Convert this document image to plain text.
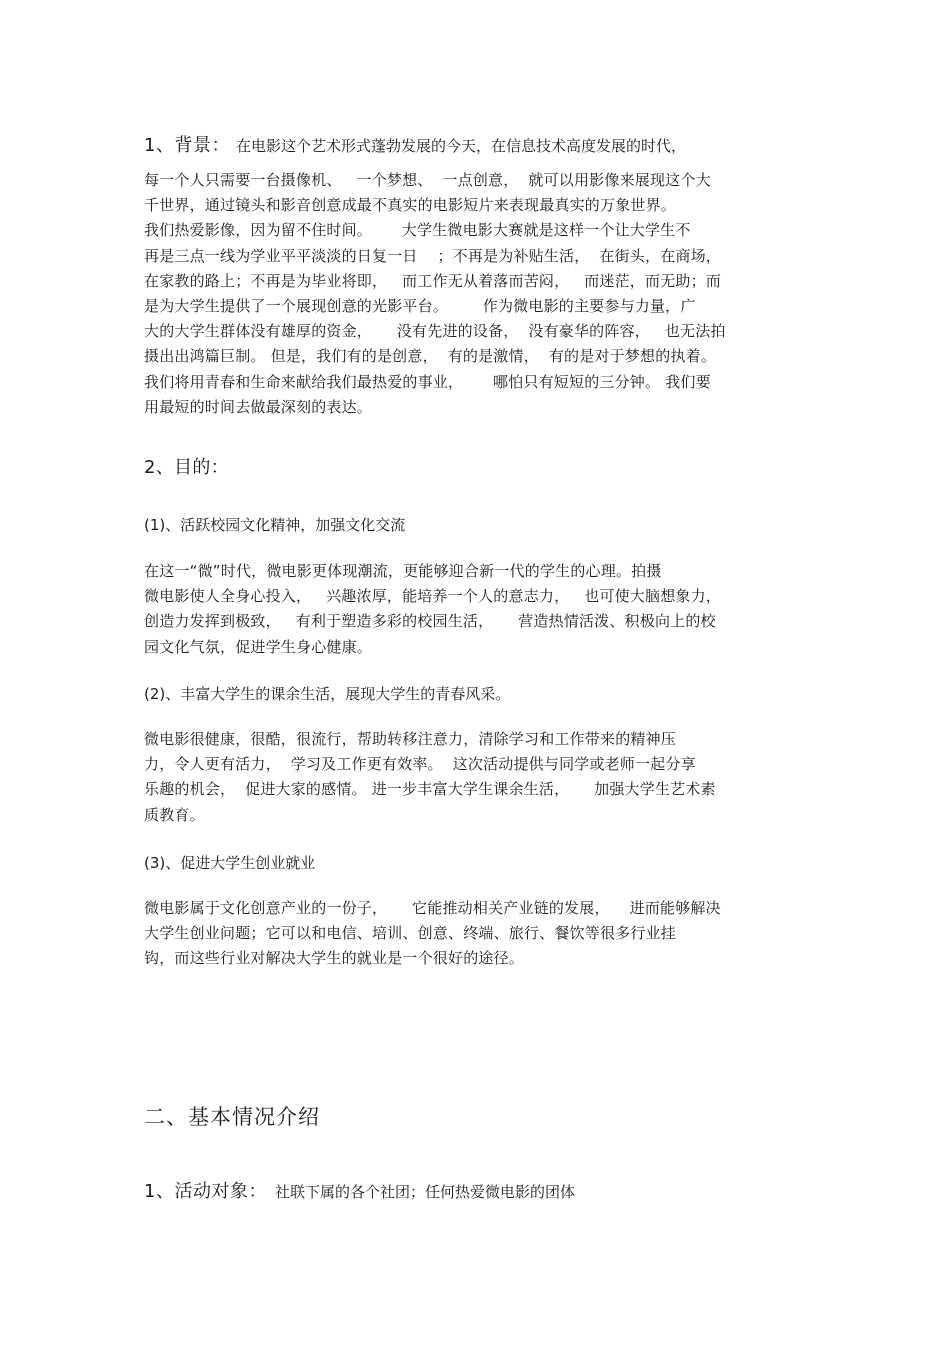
1、背景： 在电影这个艺术形式蓬勃发展的今天，在信息技术高度发展的时代，
每一个人只需要一台摄像机、   一个梦想、  一点创意，  就可以用影像来展现这个大
千世界，通过镜头和影音创意成最不真实的电影短片来表现最真实的万象世界。
我们热爱影像，因为留不住时间。      大学生微电影大赛就是这样一个让大学生不
再是三点一线为学业平平淡淡的日复一日    ；不再是为补贴生活，  在街头，在商场，
在家教的路上；不再是为毕业将即，   而工作无从着落而苦闷，   而迷茫，而无助；而
是为大学生提供了一个展现创意的光影平台。       作为微电影的主要参与力量，广
大的大学生群体没有雄厚的资金，     没有先进的设备，  没有豪华的阵容，   也无法拍
摄出出鸿篇巨制。 但是，我们有的是创意，  有的是激情，  有的是对于梦想的执着。
我们将用青春和生命来献给我们最热爱的事业，      哪怕只有短短的三分钟。 我们要
用最短的时间去做最深刻的表达。
2、目的：
(1)、活跃校园文化精神，加强文化交流
在这一“微”时代，微电影更体现潮流，更能够迎合新一代的学生的心理。拍摄
微电影使人全身心投入，   兴趣浓厚，能培养一个人的意志力，   也可使大脑想象力，
创造力发挥到极致，   有利于塑造多彩的校园生活，     营造热情活泼、积极向上的校
园文化气氛，促进学生身心健康。
(2)、丰富大学生的课余生活，展现大学生的青春风采。
微电影很健康，很酷，很流行，帮助转移注意力，清除学习和工作带来的精神压
力，令人更有活力，  学习及工作更有效率。  这次活动提供与同学或老师一起分享
乐趣的机会，  促进大家的感情。 进一步丰富大学生课余生活，     加强大学生艺术素
质教育。
(3)、促进大学生创业就业
微电影属于文化创意产业的一份子，     它能推动相关产业链的发展，    进而能够解决
大学生创业问题；它可以和电信、培训、创意、终端、旅行、餐饮等很多行业挂
钩，而这些行业对解决大学生的就业是一个很好的途径。
二、基本情况介绍
1、活动对象： 社联下属的各个社团；任何热爱微电影的团体
